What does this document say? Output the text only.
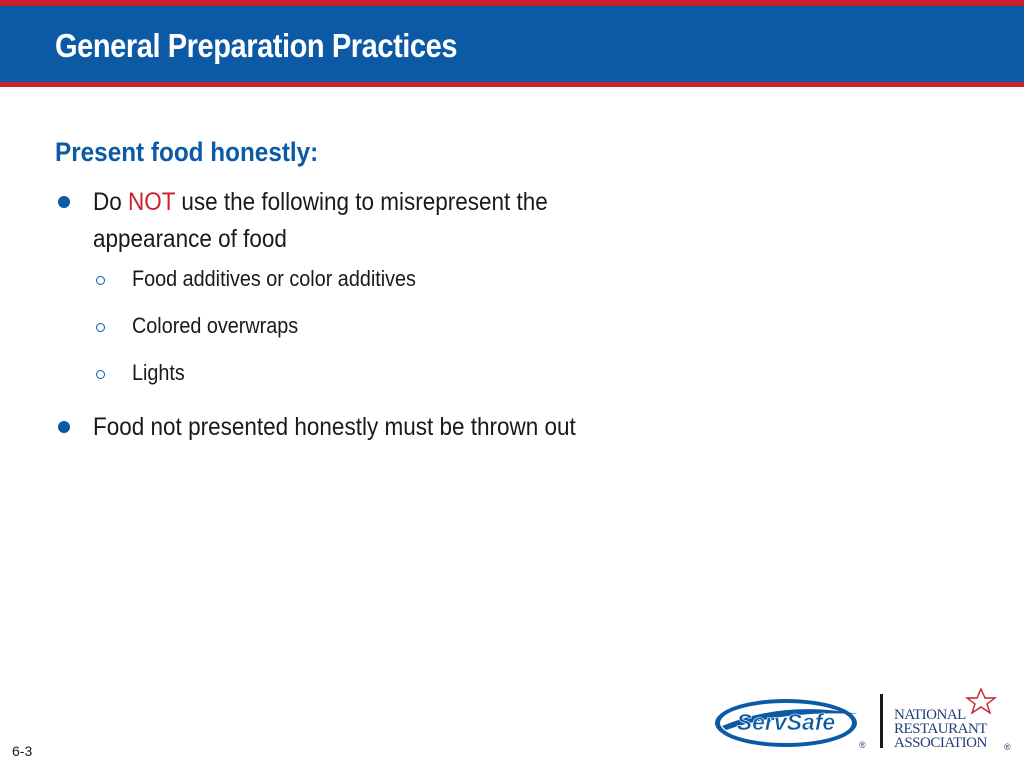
General Preparation Practices
Present food honestly:
Do NOT use the following to misrepresent the appearance of food
Food additives or color additives
Colored overwraps
Lights
Food not presented honestly must be thrown out
6-3
ServSafe
®
NATIONAL
RESTAURANT
ASSOCIATION ®
